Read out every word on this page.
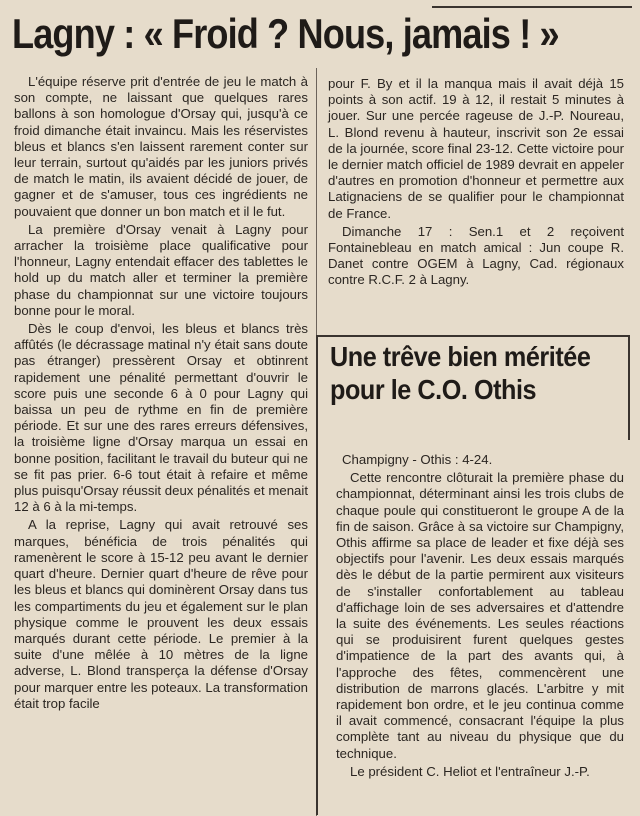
Lagny : « Froid ? Nous, jamais ! »

L'équipe réserve prit d'entrée de jeu le match à son compte, ne laissant que quelques rares ballons à son homologue d'Orsay qui, jusqu'à ce froid dimanche était invaincu. Mais les réservistes bleus et blancs s'en laissent rarement conter sur leur terrain, surtout qu'aidés par les juniors privés de match le matin, ils avaient décidé de jouer, de gagner et de s'amuser, tous ces ingrédients ne pouvaient que donner un bon match et il le fut.

La première d'Orsay venait à Lagny pour arracher la troisième place qualificative pour l'honneur, Lagny entendait effacer des tablettes le hold up du match aller et terminer la première phase du championnat sur une victoire toujours bonne pour le moral.

Dès le coup d'envoi, les bleus et blancs très affûtés (le décrassage matinal n'y était sans doute pas étranger) pressèrent Orsay et obtinrent rapidement une pénalité permettant d'ouvrir le score puis une seconde 6 à 0 pour Lagny qui baissa un peu de rythme en fin de première période. Et sur une des rares erreurs défensives, la troisième ligne d'Orsay marqua un essai en bonne position, facilitant le travail du buteur qui ne se fit pas prier. 6-6 tout était à refaire et même plus puisqu'Orsay réussit deux pénalités et menait 12 à 6 à la mi-temps.

A la reprise, Lagny qui avait retrouvé ses marques, bénéficia de trois pénalités qui ramenèrent le score à 15-12 peu avant le dernier quart d'heure. Dernier quart d'heure de rêve pour les bleus et blancs qui dominèrent Orsay dans tus les compartiments du jeu et également sur le plan physique comme le prouvent les deux essais marqués durant cette période. Le premier à la suite d'une mêlée à 10 mètres de la ligne adverse, L. Blond transperça la défense d'Orsay pour marquer entre les poteaux. La transformation était trop facile

pour F. By et il la manqua mais il avait déjà 15 points à son actif. 19 à 12, il restait 5 minutes à jouer. Sur une percée rageuse de J.-P. Noureau, L. Blond revenu à hauteur, inscrivit son 2e essai de la journée, score final 23-12. Cette victoire pour le dernier match officiel de 1989 devrait en appeler d'autres en promotion d'honneur et permettre aux Latignaciens de se qualifier pour le championnat de France.

Dimanche 17 : Sen.1 et 2 reçoivent Fontainebleau en match amical : Jun coupe R. Danet contre OGEM à Lagny, Cad. régionaux contre R.C.F. 2 à Lagny.

Une trêve bien méritée pour le C.O. Othis

Champigny - Othis : 4-24.

Cette rencontre clôturait la première phase du championnat, déterminant ainsi les trois clubs de chaque poule qui constitueront le groupe A de la fin de saison. Grâce à sa victoire sur Champigny, Othis affirme sa place de leader et fixe déjà ses objectifs pour l'avenir. Les deux essais marqués dès le début de la partie permirent aux visiteurs de s'installer confortablement au tableau d'affichage loin de ses adversaires et d'attendre la suite des événements. Les seules réactions qui se produisirent furent quelques gestes d'impatience de la part des avants qui, à l'approche des fêtes, commencèrent une distribution de marrons glacés. L'arbitre y mit rapidement bon ordre, et le jeu continua comme il avait commencé, consacrant l'équipe la plus complète tant au niveau du physique que du technique.

Le président C. Heliot et l'entraîneur J.-P.
